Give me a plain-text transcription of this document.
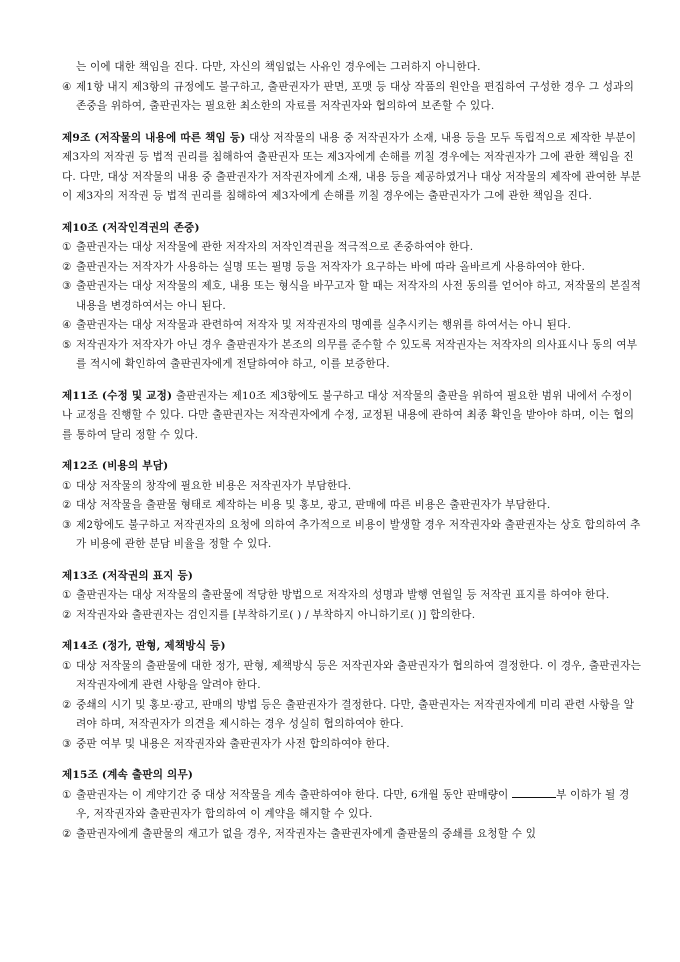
는 이에 대한 책임을 진다. 다만, 자신의 책임없는 사유인 경우에는 그러하지 아니한다.

④ 제1항 내지 제3항의 규정에도 불구하고, 출판권자가 판면, 포맷 등 대상 작품의 원안을 편집하여 구성한 경우 그 성과의 존중을 위하여, 출판권자는 필요한 최소한의 자료를 저작권자와 협의하여 보존할 수 있다.

제9조 (저작물의 내용에 따른 책임 등) 대상 저작물의 내용 중 저작권자가 소재, 내용 등을 모두 독립적으로 제작한 부분이 제3자의 저작권 등 법적 권리를 침해하여 출판권자 또는 제3자에게 손해를 끼칠 경우에는 저작권자가 그에 관한 책임을 진다. 다만, 대상 저작물의 내용 중 출판권자가 저작권자에게 소재, 내용 등을 제공하였거나 대상 저작물의 제작에 관여한 부분이 제3자의 저작권 등 법적 권리를 침해하여 제3자에게 손해를 끼칠 경우에는 출판권자가 그에 관한 책임을 진다.

제10조 (저작인격권의 존중)

① 출판권자는 대상 저작물에 관한 저작자의 저작인격권을 적극적으로 존중하여야 한다.
② 출판권자는 저작자가 사용하는 실명 또는 필명 등을 저작자가 요구하는 바에 따라 올바르게 사용하여야 한다.
③ 출판권자는 대상 저작물의 제호, 내용 또는 형식을 바꾸고자 할 때는 저작자의 사전 동의를 얻어야 하고, 저작물의 본질적 내용을 변경하여서는 아니 된다.
④ 출판권자는 대상 저작물과 관련하여 저작자 및 저작권자의 명예를 실추시키는 행위를 하여서는 아니 된다.
⑤ 저작권자가 저작자가 아닌 경우 출판권자가 본조의 의무를 준수할 수 있도록 저작권자는 저작자의 의사표시나 동의 여부를 적시에 확인하여 출판권자에게 전달하여야 하고, 이를 보증한다.

제11조 (수정 및 교정) 출판권자는 제10조 제3항에도 불구하고 대상 저작물의 출판을 위하여 필요한 범위 내에서 수정이나 교정을 진행할 수 있다. 다만 출판권자는 저작권자에게 수정, 교정된 내용에 관하여 최종 확인을 받아야 하며, 이는 협의를 통하여 달리 정할 수 있다.

제12조 (비용의 부담)

① 대상 저작물의 창작에 필요한 비용은 저작권자가 부담한다.
② 대상 저작물을 출판물 형태로 제작하는 비용 및 홍보, 광고, 판매에 따른 비용은 출판권자가 부담한다.
③ 제2항에도 불구하고 저작권자의 요청에 의하여 추가적으로 비용이 발생할 경우 저작권자와 출판권자는 상호 합의하여 추가 비용에 관한 분담 비율을 정할 수 있다.

제13조 (저작권의 표지 등)

① 출판권자는 대상 저작물의 출판물에 적당한 방법으로 저작자의 성명과 발행 연월일 등 저작권 표지를 하여야 한다.
② 저작권자와 출판권자는 검인지를 [부착하기로( ) / 부착하지 아니하기로( )] 합의한다.

제14조 (정가, 판형, 제책방식 등)

① 대상 저작물의 출판물에 대한 정가, 판형, 제책방식 등은 저작권자와 출판권자가 협의하여 결정한다. 이 경우, 출판권자는 저작권자에게 관련 사항을 알려야 한다.
② 중쇄의 시기 및 홍보·광고, 판매의 방법 등은 출판권자가 결정한다. 다만, 출판권자는 저작권자에게 미리 관련 사항을 알려야 하며, 저작권자가 의견을 제시하는 경우 성실히 협의하여야 한다.
③ 중판 여부 및 내용은 저작권자와 출판권자가 사전 합의하여야 한다.

제15조 (계속 출판의 의무)

① 출판권자는 이 계약기간 중 대상 저작물을 계속 출판하여야 한다. 다만, 6개월 동안 판매량이	부 이하가 될 경우, 저작권자와 출판권자가 합의하여 이 계약을 해지할 수 있다.
② 출판권자에게 출판물의 재고가 없을 경우, 저작권자는 출판권자에게 출판물의 중쇄를 요청할 수 있
